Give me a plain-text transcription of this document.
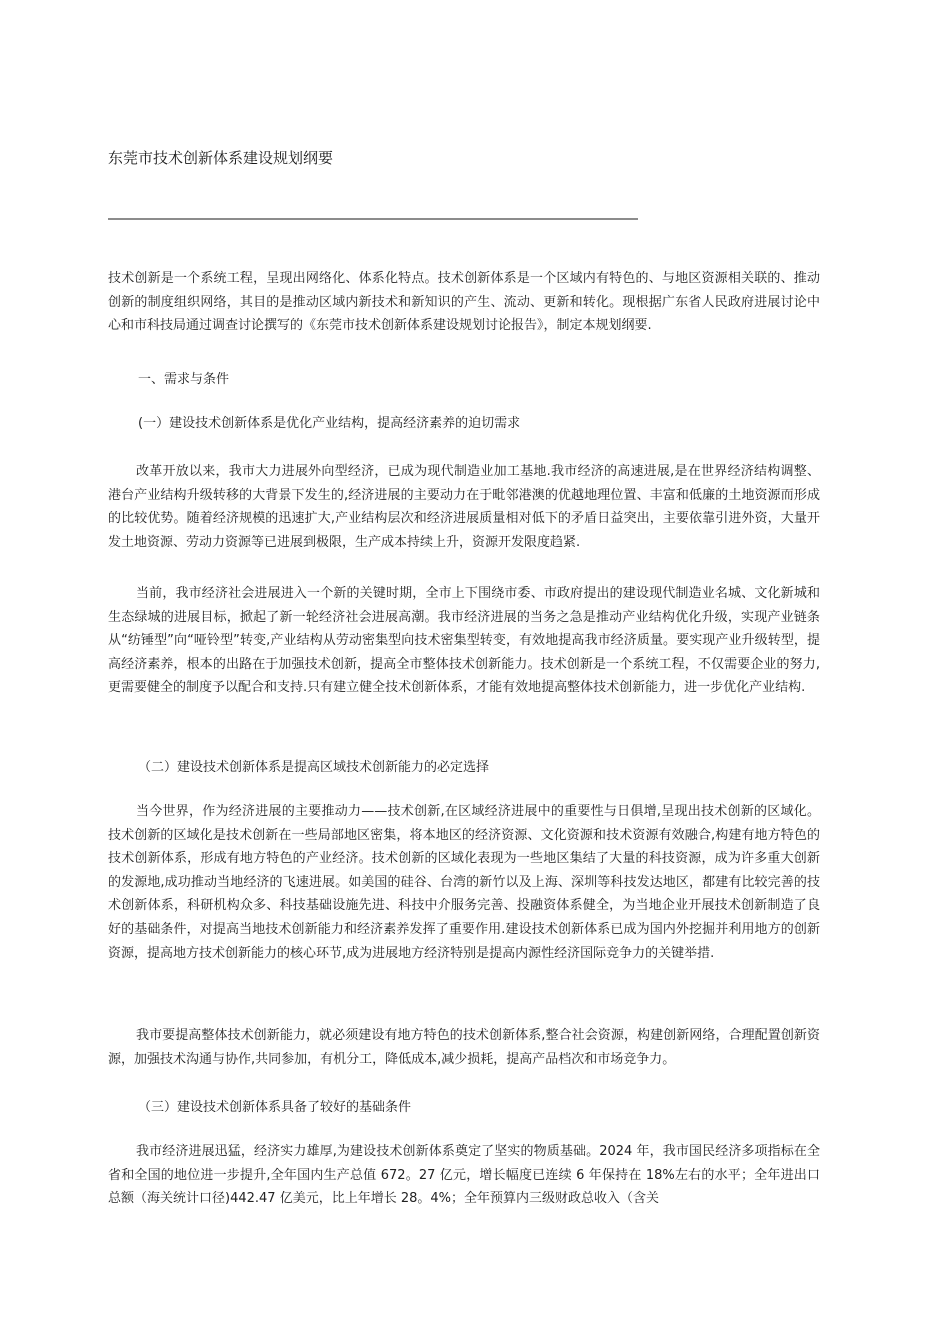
东莞市技术创新体系建设规划纲要

技术创新是一个系统工程，呈现出网络化、体系化特点。技术创新体系是一个区域内有特色的、与地区资源相关联的、推动创新的制度组织网络，其目的是推动区域内新技术和新知识的产生、流动、更新和转化。现根据广东省人民政府进展讨论中心和市科技局通过调查讨论撰写的《东莞市技术创新体系建设规划讨论报告》，制定本规划纲要.

一、需求与条件
(一）建设技术创新体系是优化产业结构，提高经济素养的迫切需求

改革开放以来，我市大力进展外向型经济，已成为现代制造业加工基地.我市经济的高速进展,是在世界经济结构调整、港台产业结构升级转移的大背景下发生的,经济进展的主要动力在于毗邻港澳的优越地理位置、丰富和低廉的土地资源而形成的比较优势。随着经济规模的迅速扩大,产业结构层次和经济进展质量相对低下的矛盾日益突出，主要依靠引进外资，大量开发土地资源、劳动力资源等已进展到极限，生产成本持续上升，资源开发限度趋紧.

当前，我市经济社会进展进入一个新的关键时期，全市上下围绕市委、市政府提出的建设现代制造业名城、文化新城和生态绿城的进展目标，掀起了新一轮经济社会进展高潮。我市经济进展的当务之急是推动产业结构优化升级，实现产业链条从“纺锤型”向“哑铃型”转变,产业结构从劳动密集型向技术密集型转变，有效地提高我市经济质量。要实现产业升级转型，提高经济素养，根本的出路在于加强技术创新，提高全市整体技术创新能力。技术创新是一个系统工程，不仅需要企业的努力,更需要健全的制度予以配合和支持.只有建立健全技术创新体系，才能有效地提高整体技术创新能力，进一步优化产业结构.

（二）建设技术创新体系是提高区域技术创新能力的必定选择

当今世界，作为经济进展的主要推动力——技术创新,在区域经济进展中的重要性与日俱增,呈现出技术创新的区域化。技术创新的区域化是技术创新在一些局部地区密集，将本地区的经济资源、文化资源和技术资源有效融合,构建有地方特色的技术创新体系，形成有地方特色的产业经济。技术创新的区域化表现为一些地区集结了大量的科技资源，成为许多重大创新的发源地,成功推动当地经济的飞速进展。如美国的硅谷、台湾的新竹以及上海、深圳等科技发达地区，都建有比较完善的技术创新体系，科研机构众多、科技基础设施先进、科技中介服务完善、投融资体系健全，为当地企业开展技术创新制造了良好的基础条件，对提高当地技术创新能力和经济素养发挥了重要作用.建设技术创新体系已成为国内外挖掘并利用地方的创新资源，提高地方技术创新能力的核心环节,成为进展地方经济特别是提高内源性经济国际竞争力的关键举措.

我市要提高整体技术创新能力，就必须建设有地方特色的技术创新体系,整合社会资源，构建创新网络，合理配置创新资源，加强技术沟通与协作,共同参加，有机分工，降低成本,减少损耗，提高产品档次和市场竞争力。

（三）建设技术创新体系具备了较好的基础条件

我市经济进展迅猛，经济实力雄厚,为建设技术创新体系奠定了坚实的物质基础。2024 年，我市国民经济多项指标在全省和全国的地位进一步提升,全年国内生产总值 672。27 亿元，增长幅度已连续 6 年保持在 18%左右的水平；全年进出口总额（海关统计口径)442.47 亿美元，比上年增长 28。4%；全年预算内三级财政总收入（含关
